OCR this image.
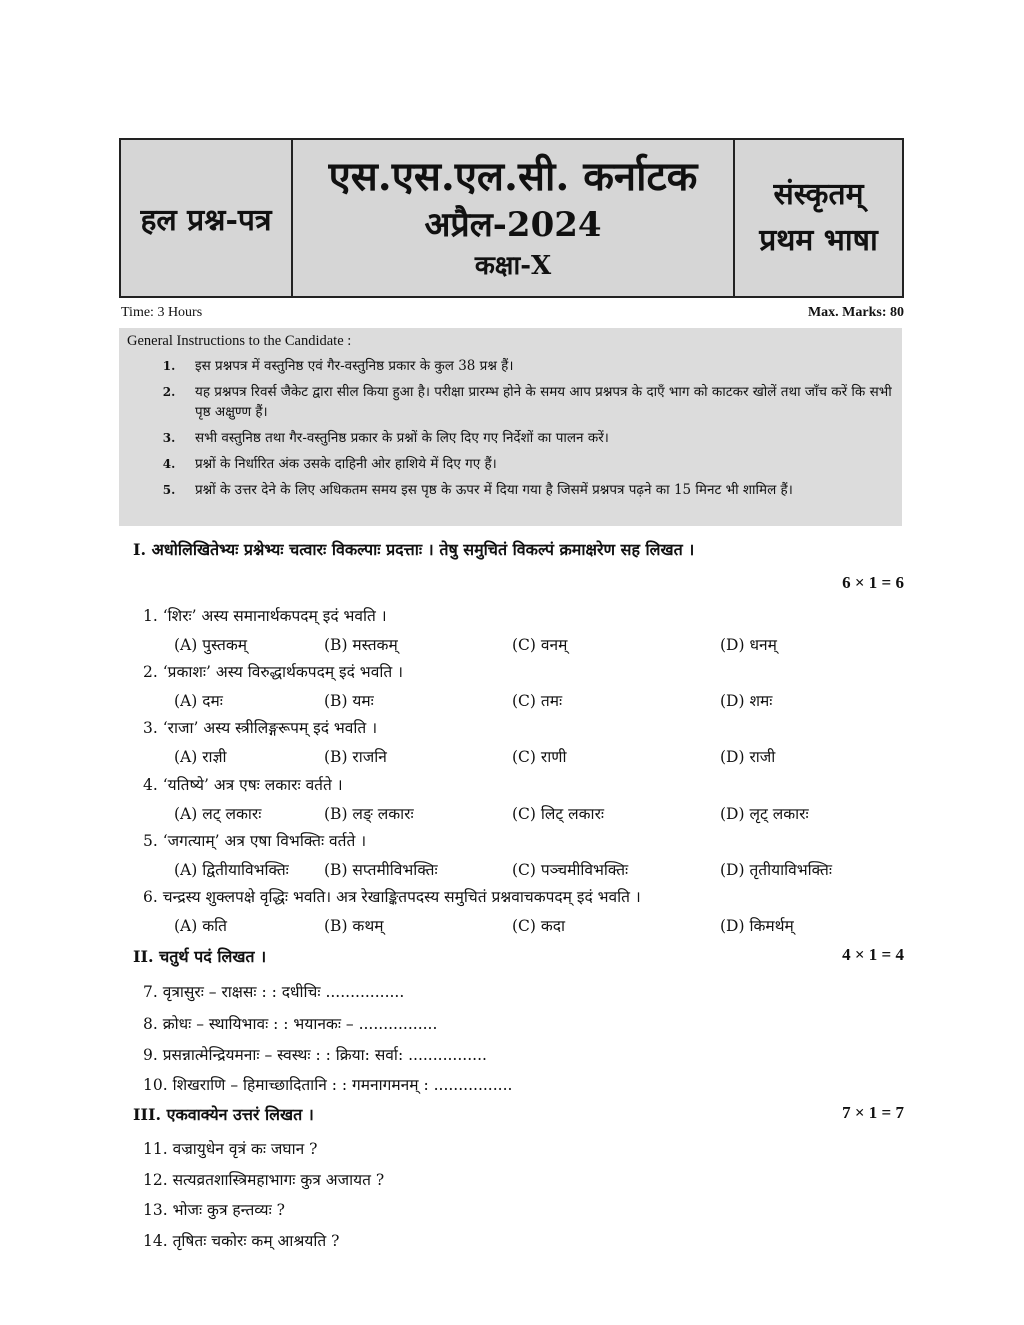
हल प्रश्न-पत्र
एस.एस.एल.सी. कर्नाटक
अप्रैल-2024
कक्षा-X
संस्कृतम्
प्रथम भाषा
Time: 3 Hours	Max. Marks: 80
General Instructions to the Candidate :
1.	इस प्रश्नपत्र में वस्तुनिष्ठ एवं गैर-वस्तुनिष्ठ प्रकार के कुल 38 प्रश्न हैं।
2.	यह प्रश्नपत्र रिवर्स जैकेट द्वारा सील किया हुआ है। परीक्षा प्रारम्भ होने के समय आप प्रश्नपत्र के दाएँ भाग को काटकर खोलें तथा जाँच करें कि सभी पृष्ठ अक्षुण्ण हैं।
3.	सभी वस्तुनिष्ठ तथा गैर-वस्तुनिष्ठ प्रकार के प्रश्नों के लिए दिए गए निर्देशों का पालन करें।
4.	प्रश्नों के निर्धारित अंक उसके दाहिनी ओर हाशिये में दिए गए हैं।
5.	प्रश्नों के उत्तर देने के लिए अधिकतम समय इस पृष्ठ के ऊपर में दिया गया है जिसमें प्रश्नपत्र पढ़ने का 15 मिनट भी शामिल हैं।
I. अधोलिखितेभ्यः प्रश्नेभ्यः चत्वारः विकल्पाः प्रदत्ताः । तेषु समुचितं विकल्पं क्रमाक्षरेण सह लिखत ।
6 × 1 = 6
1. ‘शिरः’ अस्य समानार्थकपदम् इदं भवति ।
(A) पुस्तकम्	(B) मस्तकम्	(C) वनम्	(D) धनम्
2. ‘प्रकाशः’ अस्य विरुद्धार्थकपदम् इदं भवति ।
(A) दमः	(B) यमः	(C) तमः	(D) शमः
3. ‘राजा’ अस्य स्त्रीलिङ्गरूपम् इदं भवति ।
(A) राज्ञी	(B) राजनि	(C) राणी	(D) राजी
4. ‘यतिष्ये’ अत्र एषः लकारः वर्तते ।
(A) लट् लकारः	(B) लङ् लकारः	(C) लिट् लकारः	(D) लृट् लकारः
5. ‘जगत्याम्’ अत्र एषा विभक्तिः वर्तते ।
(A) द्वितीयाविभक्तिः (B) सप्तमीविभक्तिः	(C) पञ्चमीविभक्तिः	(D) तृतीयाविभक्तिः
6. चन्द्रस्य शुक्लपक्षे वृद्धिः भवति। अत्र रेखाङ्कितपदस्य समुचितं प्रश्नवाचकपदम् इदं भवति ।
(A) कति	(B) कथम्	(C) कदा	(D) किमर्थम्
II. चतुर्थ पदं लिखत ।	4 × 1 = 4
7. वृत्रासुरः – राक्षसः : : दधीचिः ................
8. क्रोधः – स्थायिभावः : : भयानकः – ................
9. प्रसन्नात्मेन्द्रियमनाः – स्वस्थः : : क्रिया: सर्वा: ................
10. शिखराणि – हिमाच्छादितानि : : गमनागमनम् : ................
III. एकवाक्येन उत्तरं लिखत ।	7 × 1 = 7
11. वज्रायुधेन वृत्रं कः जघान ?
12. सत्यव्रतशास्त्रिमहाभागः कुत्र अजायत ?
13. भोजः कुत्र हन्तव्यः ?
14. तृषितः चकोरः कम् आश्रयति ?
